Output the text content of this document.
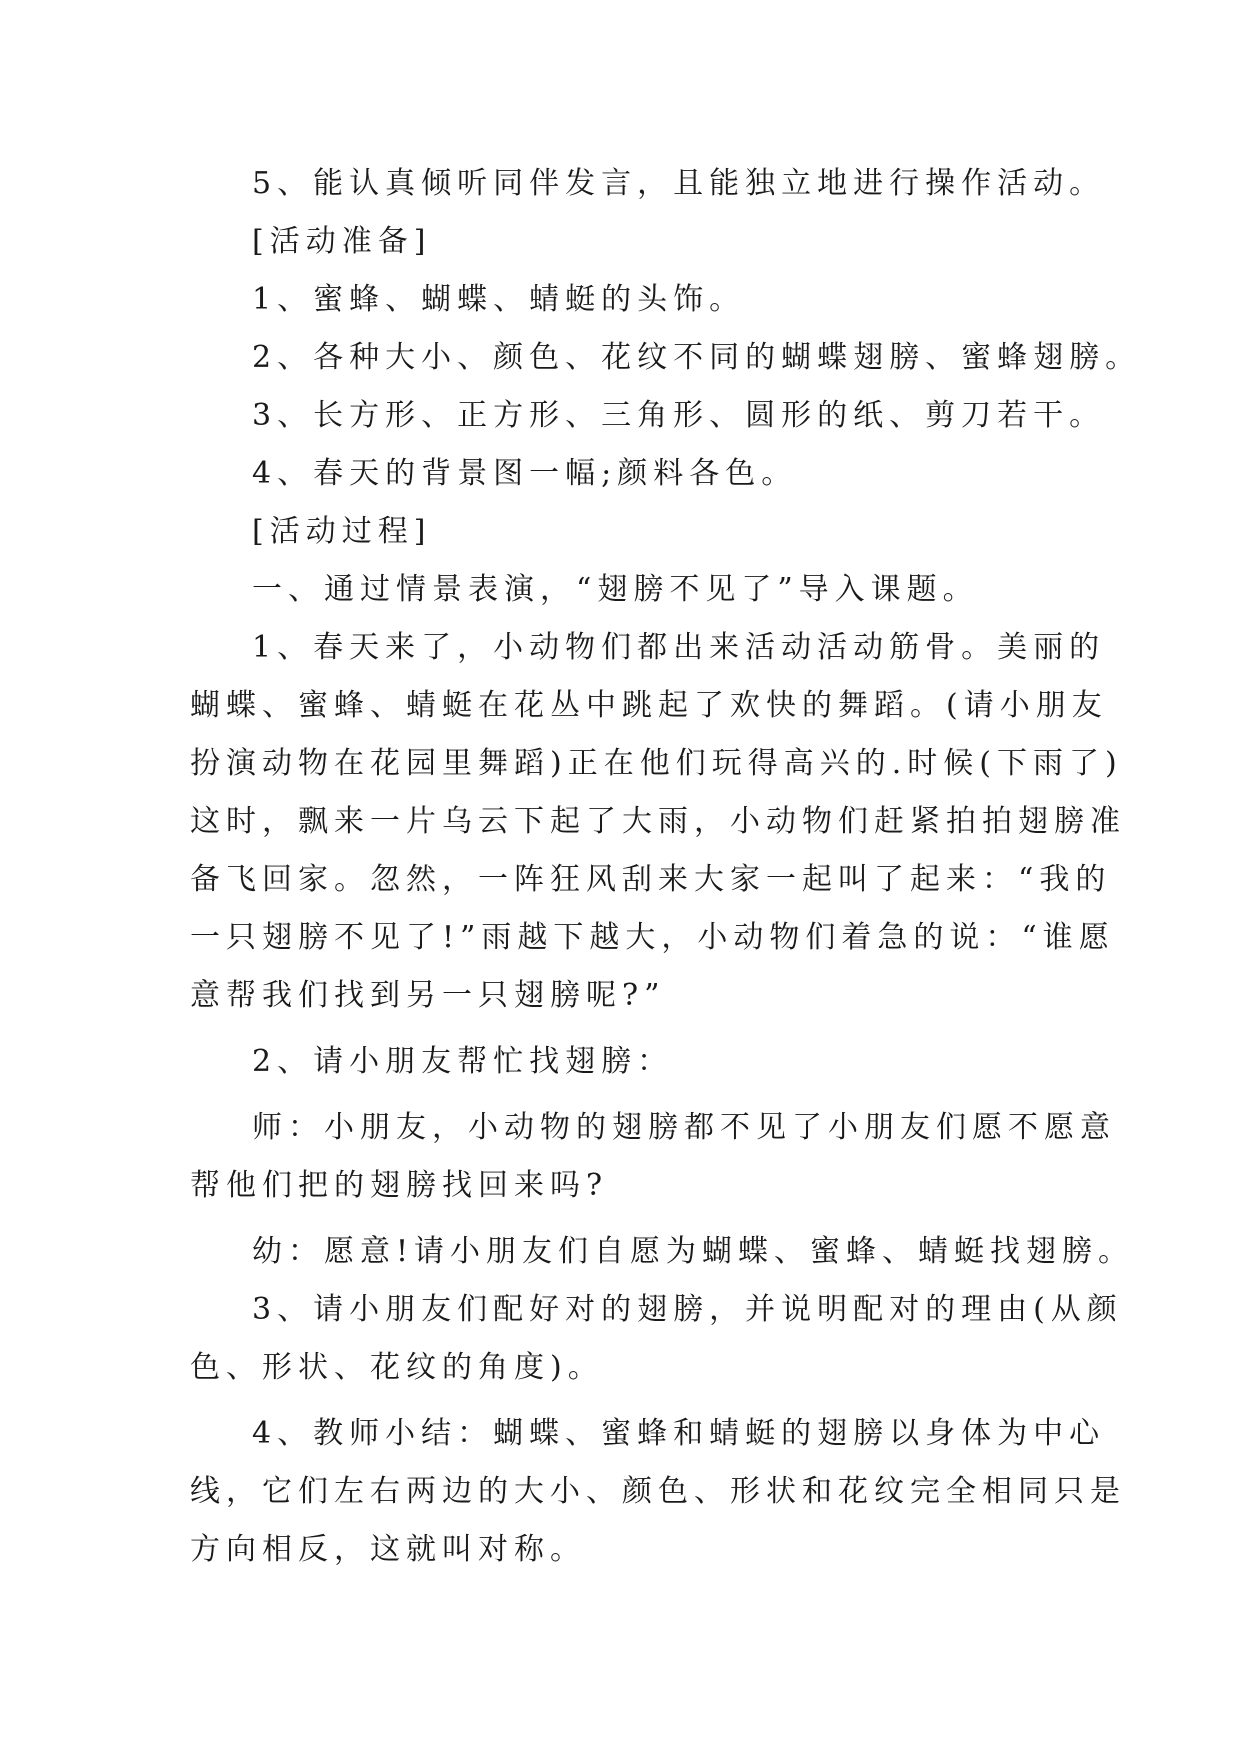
5、能认真倾听同伴发言，且能独立地进行操作活动。
[活动准备]
1、蜜蜂、蝴蝶、蜻蜓的头饰。
2、各种大小、颜色、花纹不同的蝴蝶翅膀、蜜蜂翅膀。
3、长方形、正方形、三角形、圆形的纸、剪刀若干。
4、春天的背景图一幅;颜料各色。
[活动过程]
一、通过情景表演，“翅膀不见了”导入课题。
1、春天来了，小动物们都出来活动活动筋骨。美丽的
蝴蝶、蜜蜂、蜻蜓在花丛中跳起了欢快的舞蹈。(请小朋友
扮演动物在花园里舞蹈)正在他们玩得高兴的.时候(下雨了)
这时，飘来一片乌云下起了大雨，小动物们赶紧拍拍翅膀准
备飞回家。忽然，一阵狂风刮来大家一起叫了起来：“我的
一只翅膀不见了!”雨越下越大，小动物们着急的说：“谁愿
意帮我们找到另一只翅膀呢?”
2、请小朋友帮忙找翅膀：
师：小朋友，小动物的翅膀都不见了小朋友们愿不愿意
帮他们把的翅膀找回来吗?
幼：愿意!请小朋友们自愿为蝴蝶、蜜蜂、蜻蜓找翅膀。
3、请小朋友们配好对的翅膀，并说明配对的理由(从颜
色、形状、花纹的角度)。
4、教师小结：蝴蝶、蜜蜂和蜻蜓的翅膀以身体为中心
线，它们左右两边的大小、颜色、形状和花纹完全相同只是
方向相反，这就叫对称。
